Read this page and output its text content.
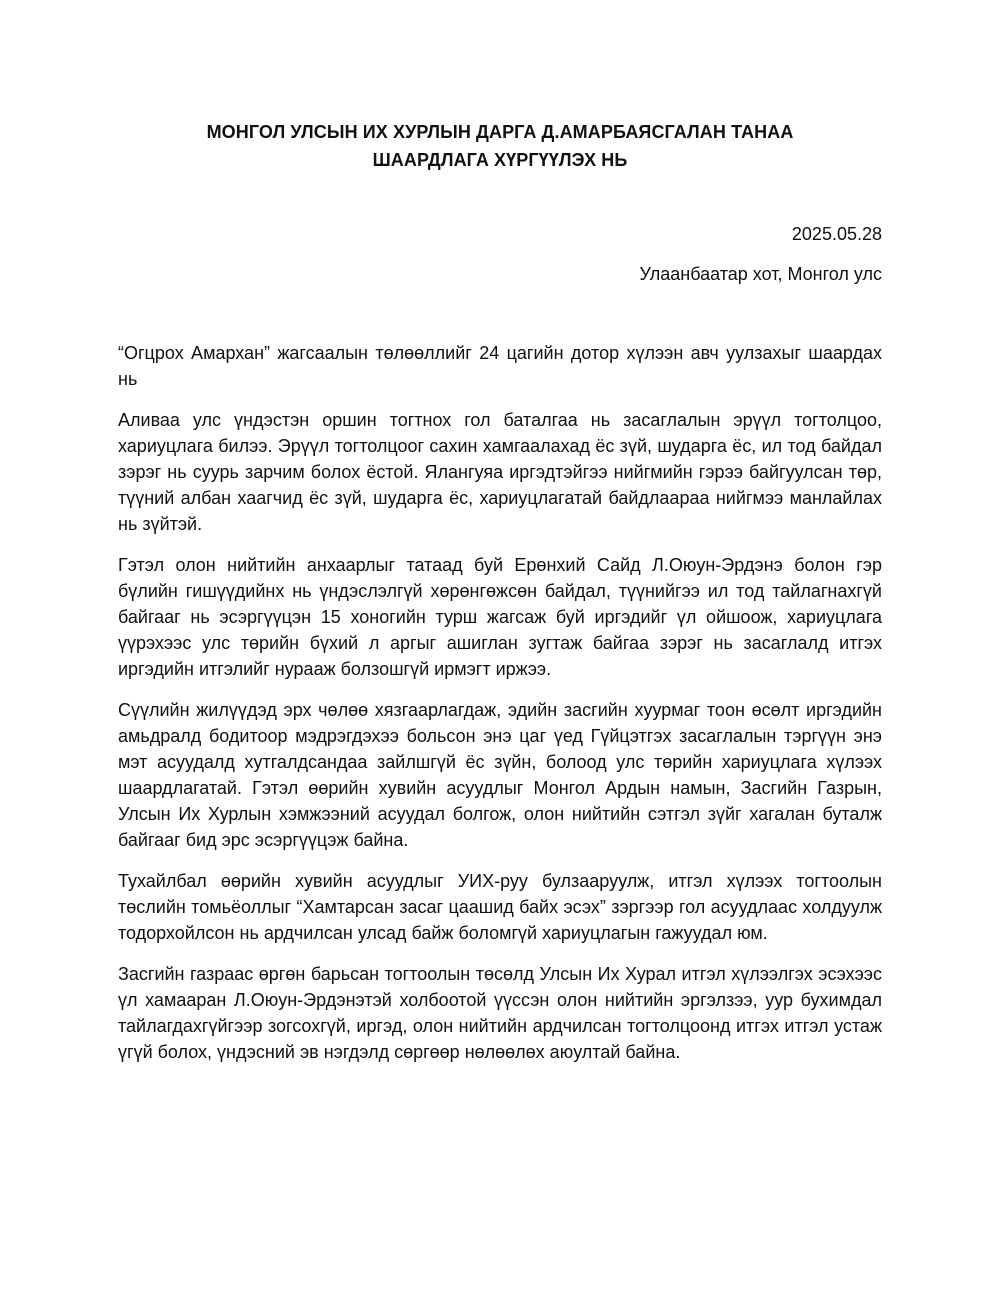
МОНГОЛ УЛСЫН ИХ ХУРЛЫН ДАРГА Д.АМАРБАЯСГАЛАН ТАНАА
ШААРДЛАГА ХҮРГҮҮЛЭХ НЬ
2025.05.28
Улаанбаатар хот, Монгол улс

“Огцрох Амархан” жагсаалын төлөөллийг 24 цагийн дотор хүлээн авч уулзахыг шаардах нь

Аливаа улс үндэстэн оршин тогтнох гол баталгаа нь засаглалын эрүүл тогтолцоо, хариуцлага билээ. Эрүүл тогтолцоог сахин хамгаалахад ёс зүй, шударга ёс, ил тод байдал зэрэг нь суурь зарчим болох ёстой. Ялангуяа иргэдтэйгээ нийгмийн гэрээ байгуулсан төр, түүний албан хаагчид ёс зүй, шударга ёс, хариуцлагатай байдлаараа нийгмээ манлайлах нь зүйтэй.

Гэтэл олон нийтийн анхаарлыг татаад буй Ерөнхий Сайд Л.Оюун-Эрдэнэ болон гэр бүлийн гишүүдийнх нь үндэслэлгүй хөрөнгөжсөн байдал, түүнийгээ ил тод тайлагнахгүй байгааг нь эсэргүүцэн 15 хоногийн турш жагсаж буй иргэдийг үл ойшоож, хариуцлага үүрэхээс улс төрийн бүхий л аргыг ашиглан зугтаж байгаа зэрэг нь засаглалд итгэх иргэдийн итгэлийг нурааж болзошгүй ирмэгт иржээ.

Сүүлийн жилүүдэд эрх чөлөө хязгаарлагдаж, эдийн засгийн хуурмаг тоон өсөлт иргэдийн амьдралд бодитоор мэдрэгдэхээ больсон энэ цаг үед Гүйцэтгэх засаглалын тэргүүн энэ мэт асуудалд хутгалдсандаа зайлшгүй ёс зүйн, болоод улс төрийн хариуцлага хүлээх шаардлагатай. Гэтэл өөрийн хувийн асуудлыг Монгол Ардын намын, Засгийн Газрын, Улсын Их Хурлын хэмжээний асуудал болгож, олон нийтийн сэтгэл зүйг хагалан буталж байгааг бид эрс эсэргүүцэж байна.

Тухайлбал өөрийн хувийн асуудлыг УИХ-руу булзааруулж, итгэл хүлээх тогтоолын төслийн томьёоллыг “Хамтарсан засаг цаашид байх эсэх” зэргээр гол асуудлаас холдуулж тодорхойлсон нь ардчилсан улсад байж боломгүй хариуцлагын гажуудал юм.

Засгийн газраас өргөн барьсан тогтоолын төсөлд Улсын Их Хурал итгэл хүлээлгэх эсэхээс үл хамааран Л.Оюун-Эрдэнэтэй холбоотой үүссэн олон нийтийн эргэлзээ, уур бухимдал тайлагдахгүйгээр зогсохгүй, иргэд, олон нийтийн ардчилсан тогтолцоонд итгэх итгэл устаж үгүй болох, үндэсний эв нэгдэлд сөргөөр нөлөөлөх аюултай байна.
